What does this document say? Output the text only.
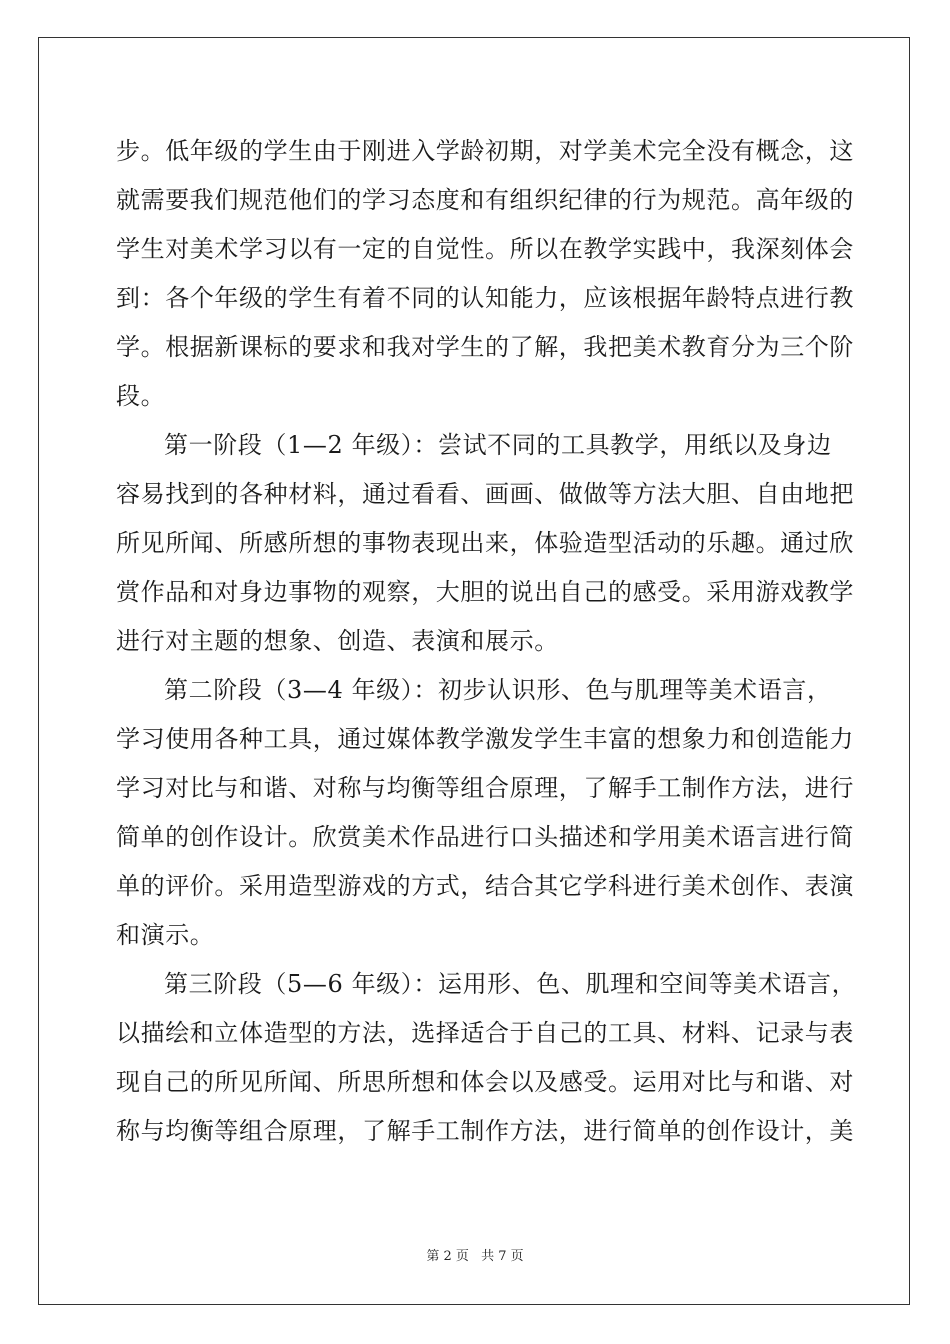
步。低年级的学生由于刚进入学龄初期，对学美术完全没有概念，这
就需要我们规范他们的学习态度和有组织纪律的行为规范。高年级的
学生对美术学习以有一定的自觉性。所以在教学实践中，我深刻体会
到：各个年级的学生有着不同的认知能力，应该根据年龄特点进行教
学。根据新课标的要求和我对学生的了解，我把美术教育分为三个阶
段。
第一阶段（1—2 年级）：尝试不同的工具教学，用纸以及身边
容易找到的各种材料，通过看看、画画、做做等方法大胆、自由地把
所见所闻、所感所想的事物表现出来，体验造型活动的乐趣。通过欣
赏作品和对身边事物的观察，大胆的说出自己的感受。采用游戏教学
进行对主题的想象、创造、表演和展示。
第二阶段（3—4 年级）：初步认识形、色与肌理等美术语言，
学习使用各种工具，通过媒体教学激发学生丰富的想象力和创造能力
学习对比与和谐、对称与均衡等组合原理，了解手工制作方法，进行
简单的创作设计。欣赏美术作品进行口头描述和学用美术语言进行简
单的评价。采用造型游戏的方式，结合其它学科进行美术创作、表演
和演示。
第三阶段（5—6 年级）：运用形、色、肌理和空间等美术语言，
以描绘和立体造型的方法，选择适合于自己的工具、材料、记录与表
现自己的所见所闻、所思所想和体会以及感受。运用对比与和谐、对
称与均衡等组合原理，了解手工制作方法，进行简单的创作设计，美
第 2 页 共 7 页
